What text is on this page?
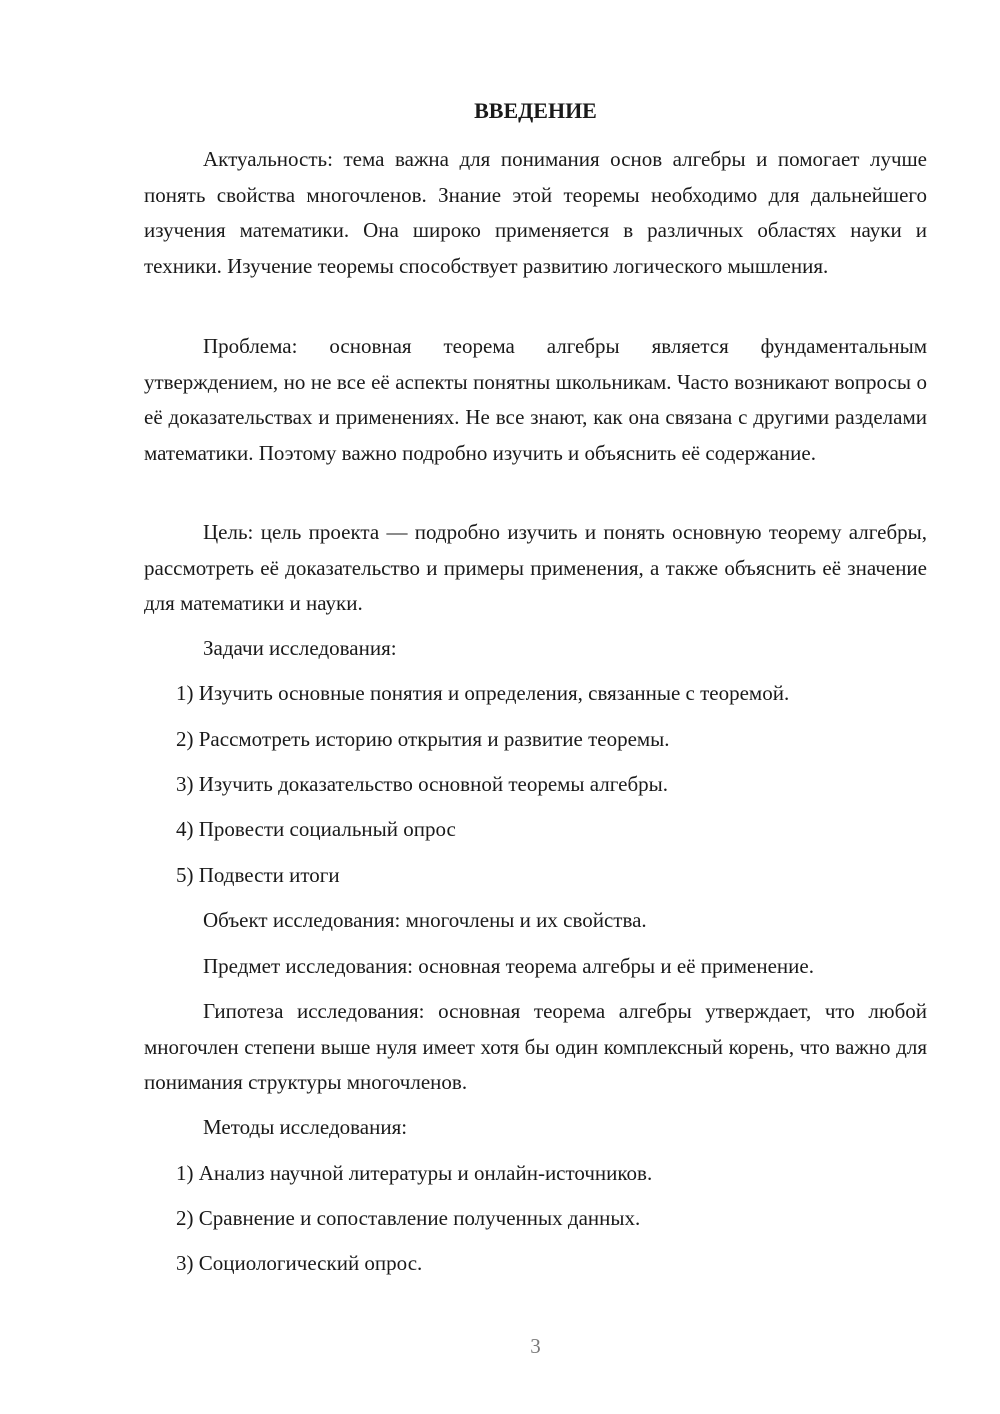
ВВЕДЕНИЕ

Актуальность: тема важна для понимания основ алгебры и помогает лучше понять свойства многочленов. Знание этой теоремы необходимо для дальнейшего изучения математики. Она широко применяется в различных областях науки и техники. Изучение теоремы способствует развитию логического мышления.

Проблема: основная теорема алгебры является фундаментальным утверждением, но не все её аспекты понятны школьникам. Часто возникают вопросы о её доказательствах и применениях. Не все знают, как она связана с другими разделами математики. Поэтому важно подробно изучить и объяснить её содержание.

Цель: цель проекта — подробно изучить и понять основную теорему алгебры, рассмотреть её доказательство и примеры применения, а также объяснить её значение для математики и науки.

Задачи исследования:

1) Изучить основные понятия и определения, связанные с теоремой.

2) Рассмотреть историю открытия и развитие теоремы.

3) Изучить доказательство основной теоремы алгебры.

4) Провести социальный опрос

5) Подвести итоги

Объект исследования: многочлены и их свойства.

Предмет исследования: основная теорема алгебры и её применение.

Гипотеза исследования: основная теорема алгебры утверждает, что любой многочлен степени выше нуля имеет хотя бы один комплексный корень, что важно для понимания структуры многочленов.

Методы исследования:

1) Анализ научной литературы и онлайн-источников.

2) Сравнение и сопоставление полученных данных.

3) Социологический опрос.

3
